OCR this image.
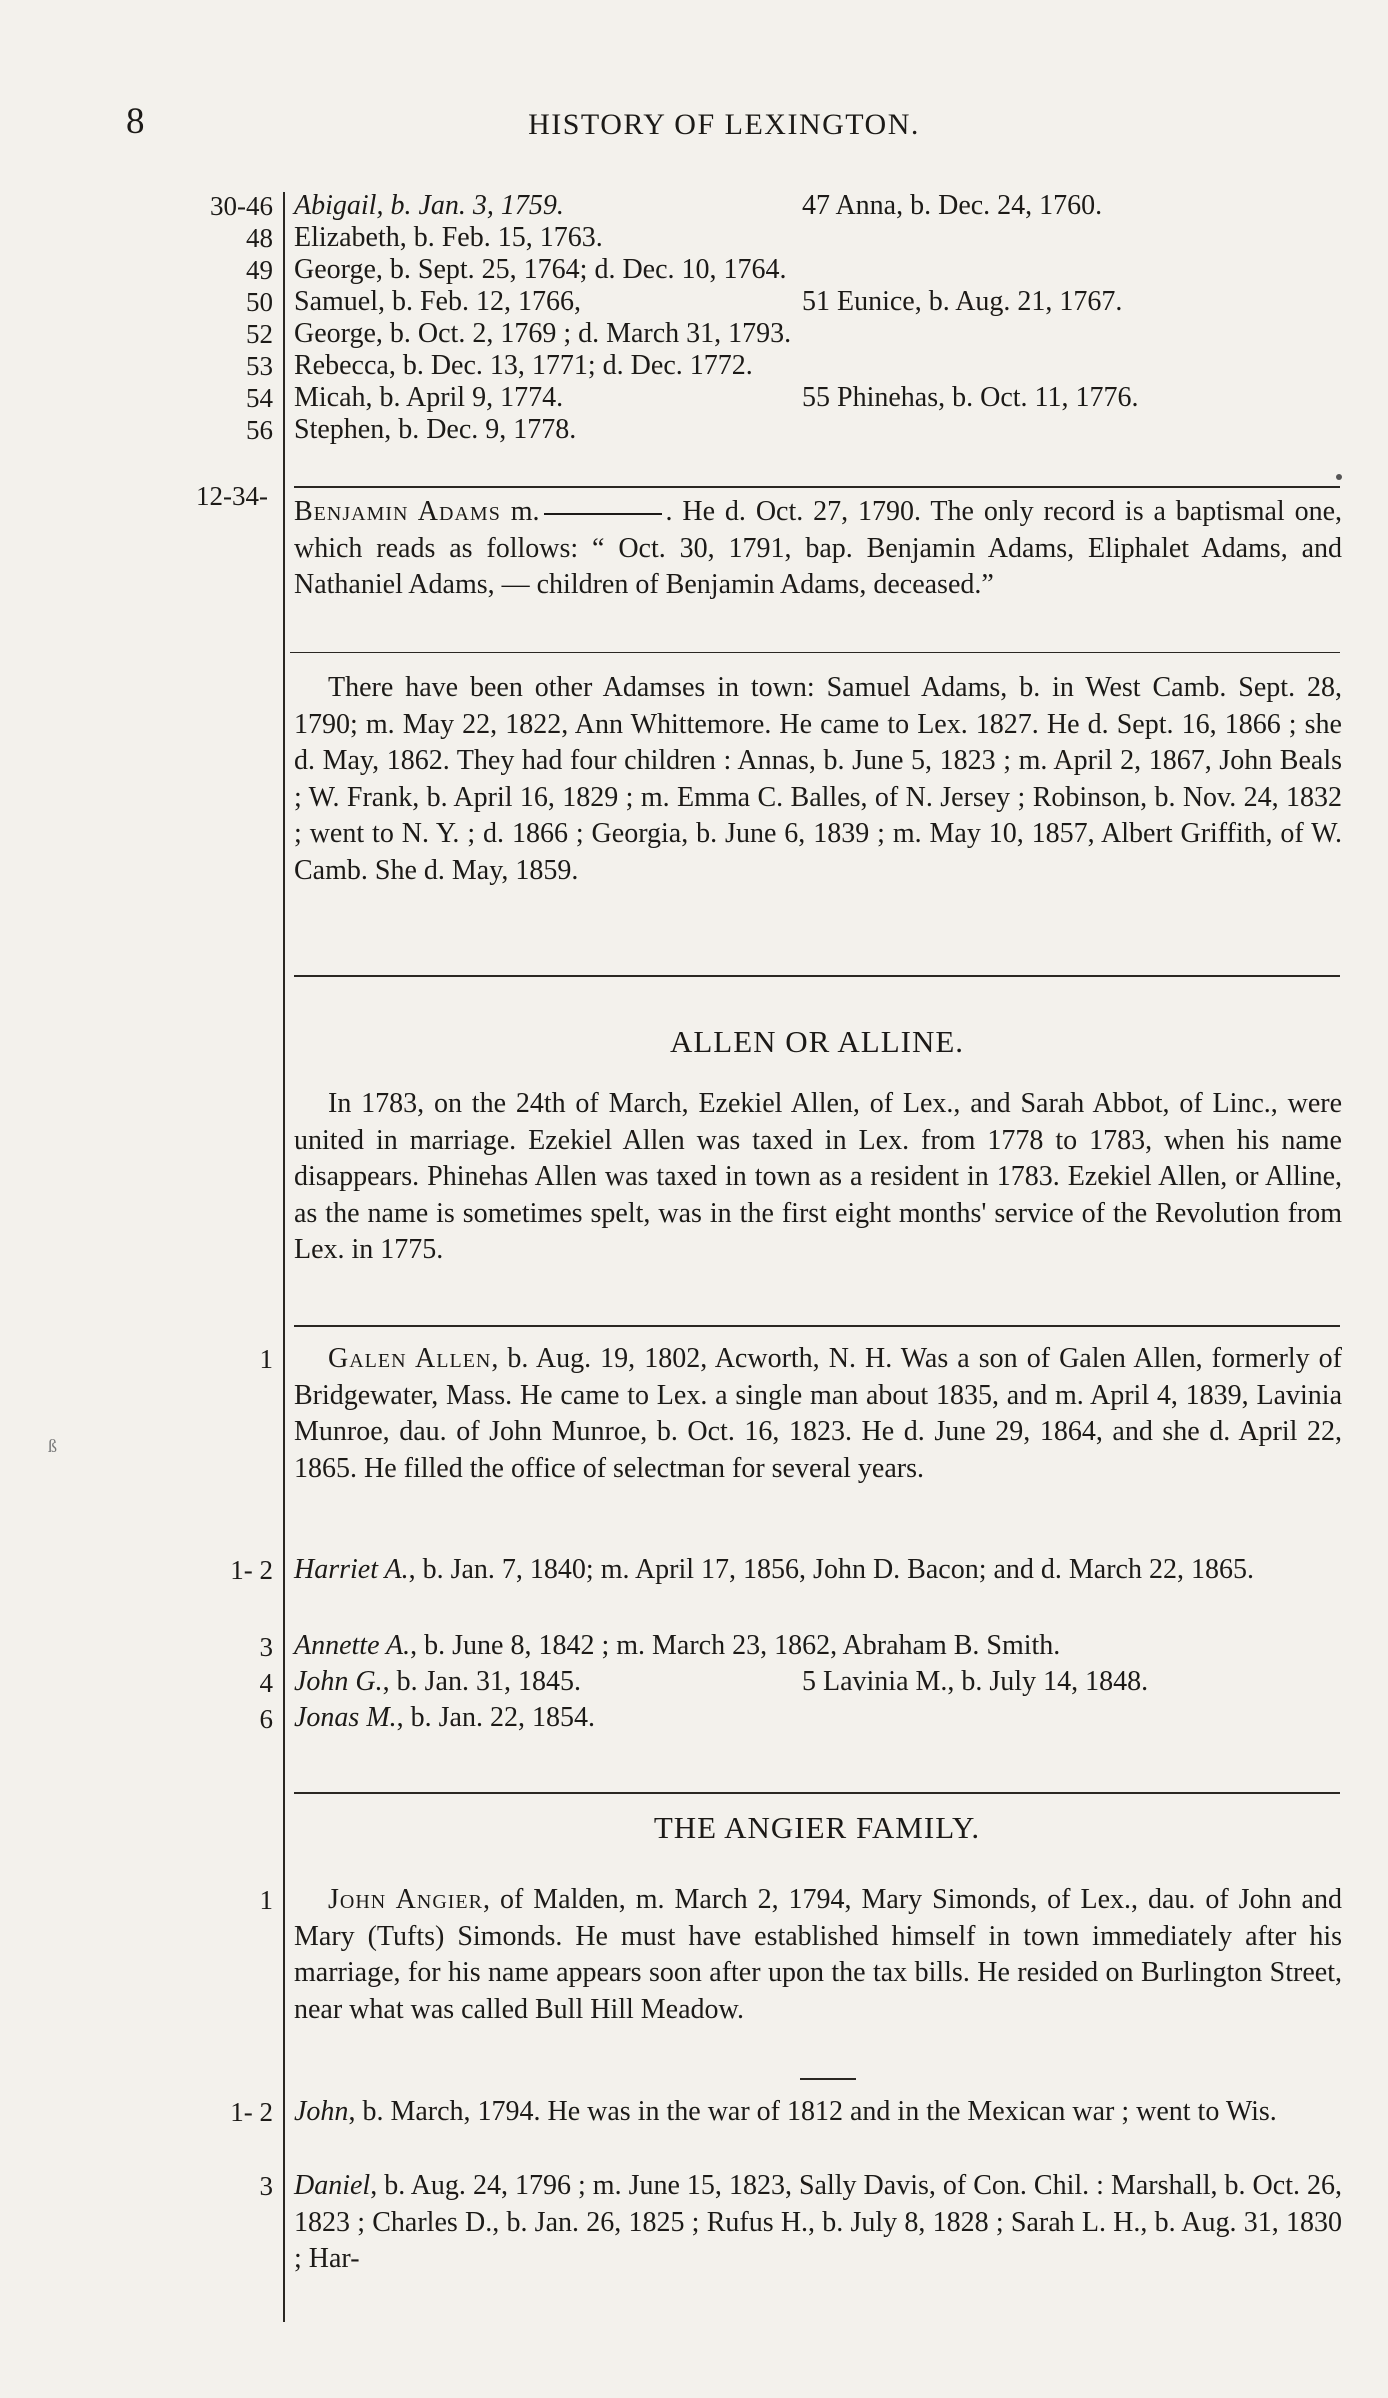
8	HISTORY OF LEXINGTON.
ß
30-46 Abigail, b. Jan. 3, 1759.	47 Anna, b. Dec. 24, 1760.
48 Elizabeth, b. Feb. 15, 1763.
49 George, b. Sept. 25, 1764; d. Dec. 10, 1764.
50 Samuel, b. Feb. 12, 1766,	51 Eunice, b. Aug. 21, 1767.
52 George, b. Oct. 2, 1769 ; d. March 31, 1793.
53 Rebecca, b. Dec. 13, 1771; d. Dec. 1772.
54 Micah, b. April 9, 1774.	55 Phinehas, b. Oct. 11, 1776.
56 Stephen, b. Dec. 9, 1778.
12-34- Benjamin Adams m.	. He d. Oct. 27, 1790. The only record is a baptismal one, which reads as follows: “ Oct. 30, 1791, bap. Benjamin Adams, Eliphalet Adams, and Nathaniel Adams, — children of Benjamin Adams, deceased.”
There have been other Adamses in town: Samuel Adams, b. in West Camb. Sept. 28, 1790; m. May 22, 1822, Ann Whittemore. He came to Lex. 1827. He d. Sept. 16, 1866 ; she d. May, 1862. They had four children : Annas, b. June 5, 1823 ; m. April 2, 1867, John Beals ; W. Frank, b. April 16, 1829 ; m. Emma C. Balles, of N. Jersey ; Robinson, b. Nov. 24, 1832 ; went to N. Y. ; d. 1866 ; Georgia, b. June 6, 1839 ; m. May 10, 1857, Albert Griffith, of W. Camb. She d. May, 1859.
ALLEN OR ALLINE.
In 1783, on the 24th of March, Ezekiel Allen, of Lex., and Sarah Abbot, of Linc., were united in marriage. Ezekiel Allen was taxed in Lex. from 1778 to 1783, when his name disappears. Phinehas Allen was taxed in town as a resident in 1783. Ezekiel Allen, or Alline, as the name is sometimes spelt, was in the first eight months' service of the Revolution from Lex. in 1775.
1	Galen Allen, b. Aug. 19, 1802, Acworth, N. H. Was a son of Galen Allen, formerly of Bridgewater, Mass. He came to Lex. a single man about 1835, and m. April 4, 1839, Lavinia Munroe, dau. of John Munroe, b. Oct. 16, 1823. He d. June 29, 1864, and she d. April 22, 1865. He filled the office of selectman for several years.
1- 2 Harriet A., b. Jan. 7, 1840; m. April 17, 1856, John D. Bacon; and d. March 22, 1865.
3 Annette A., b. June 8, 1842 ; m. March 23, 1862, Abraham B. Smith.
4 John G., b. Jan. 31, 1845.	5 Lavinia M., b. July 14, 1848.
6 Jonas M., b. Jan. 22, 1854.
THE ANGIER FAMILY.
1	John Angier, of Malden, m. March 2, 1794, Mary Simonds, of Lex., dau. of John and Mary (Tufts) Simonds. He must have established himself in town immediately after his marriage, for his name appears soon after upon the tax bills. He resided on Burlington Street, near what was called Bull Hill Meadow.
1- 2 John, b. March, 1794. He was in the war of 1812 and in the Mexican war ; went to Wis.
3 Daniel, b. Aug. 24, 1796 ; m. June 15, 1823, Sally Davis, of Con. Chil. : Marshall, b. Oct. 26, 1823 ; Charles D., b. Jan. 26, 1825 ; Rufus H., b. July 8, 1828 ; Sarah L. H., b. Aug. 31, 1830 ; Har-
